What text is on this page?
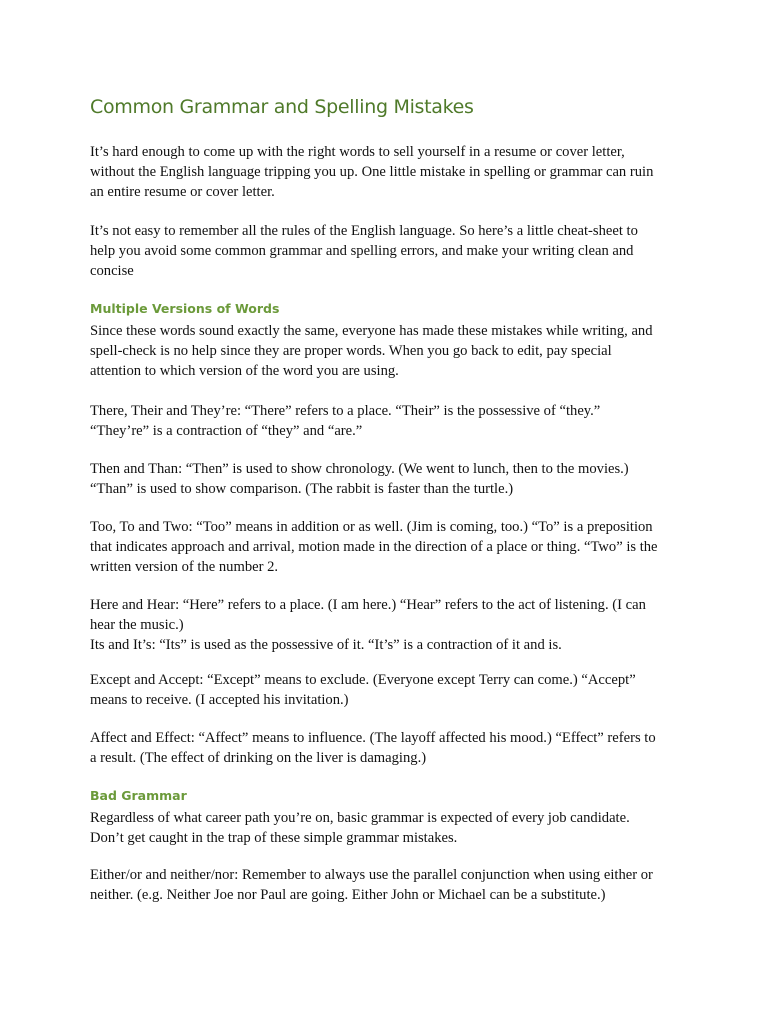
Common Grammar and Spelling Mistakes

It’s hard enough to come up with the right words to sell yourself in a resume or cover letter,
without the English language tripping you up. One little mistake in spelling or grammar can ruin
an entire resume or cover letter.

It’s not easy to remember all the rules of the English language. So here’s a little cheat-sheet to
help you avoid some common grammar and spelling errors, and make your writing clean and
concise

Multiple Versions of Words

Since these words sound exactly the same, everyone has made these mistakes while writing, and
spell-check is no help since they are proper words. When you go back to edit, pay special
attention to which version of the word you are using.

There, Their and They’re: “There” refers to a place. “Their” is the possessive of “they.”
“They’re” is a contraction of “they” and “are.”

Then and Than: “Then” is used to show chronology. (We went to lunch, then to the movies.)
“Than” is used to show comparison. (The rabbit is faster than the turtle.)

Too, To and Two: “Too” means in addition or as well. (Jim is coming, too.) “To” is a preposition
that indicates approach and arrival, motion made in the direction of a place or thing. “Two” is the
written version of the number 2.

Here and Hear: “Here” refers to a place. (I am here.) “Hear” refers to the act of listening. (I can
hear the music.)
Its and It’s: “Its” is used as the possessive of it. “It’s” is a contraction of it and is.

Except and Accept: “Except” means to exclude. (Everyone except Terry can come.) “Accept”
means to receive. (I accepted his invitation.)

Affect and Effect: “Affect” means to influence. (The layoff affected his mood.) “Effect” refers to
a result. (The effect of drinking on the liver is damaging.)

Bad Grammar

Regardless of what career path you’re on, basic grammar is expected of every job candidate.
Don’t get caught in the trap of these simple grammar mistakes.

Either/or and neither/nor: Remember to always use the parallel conjunction when using either or
neither. (e.g. Neither Joe nor Paul are going. Either John or Michael can be a substitute.)
